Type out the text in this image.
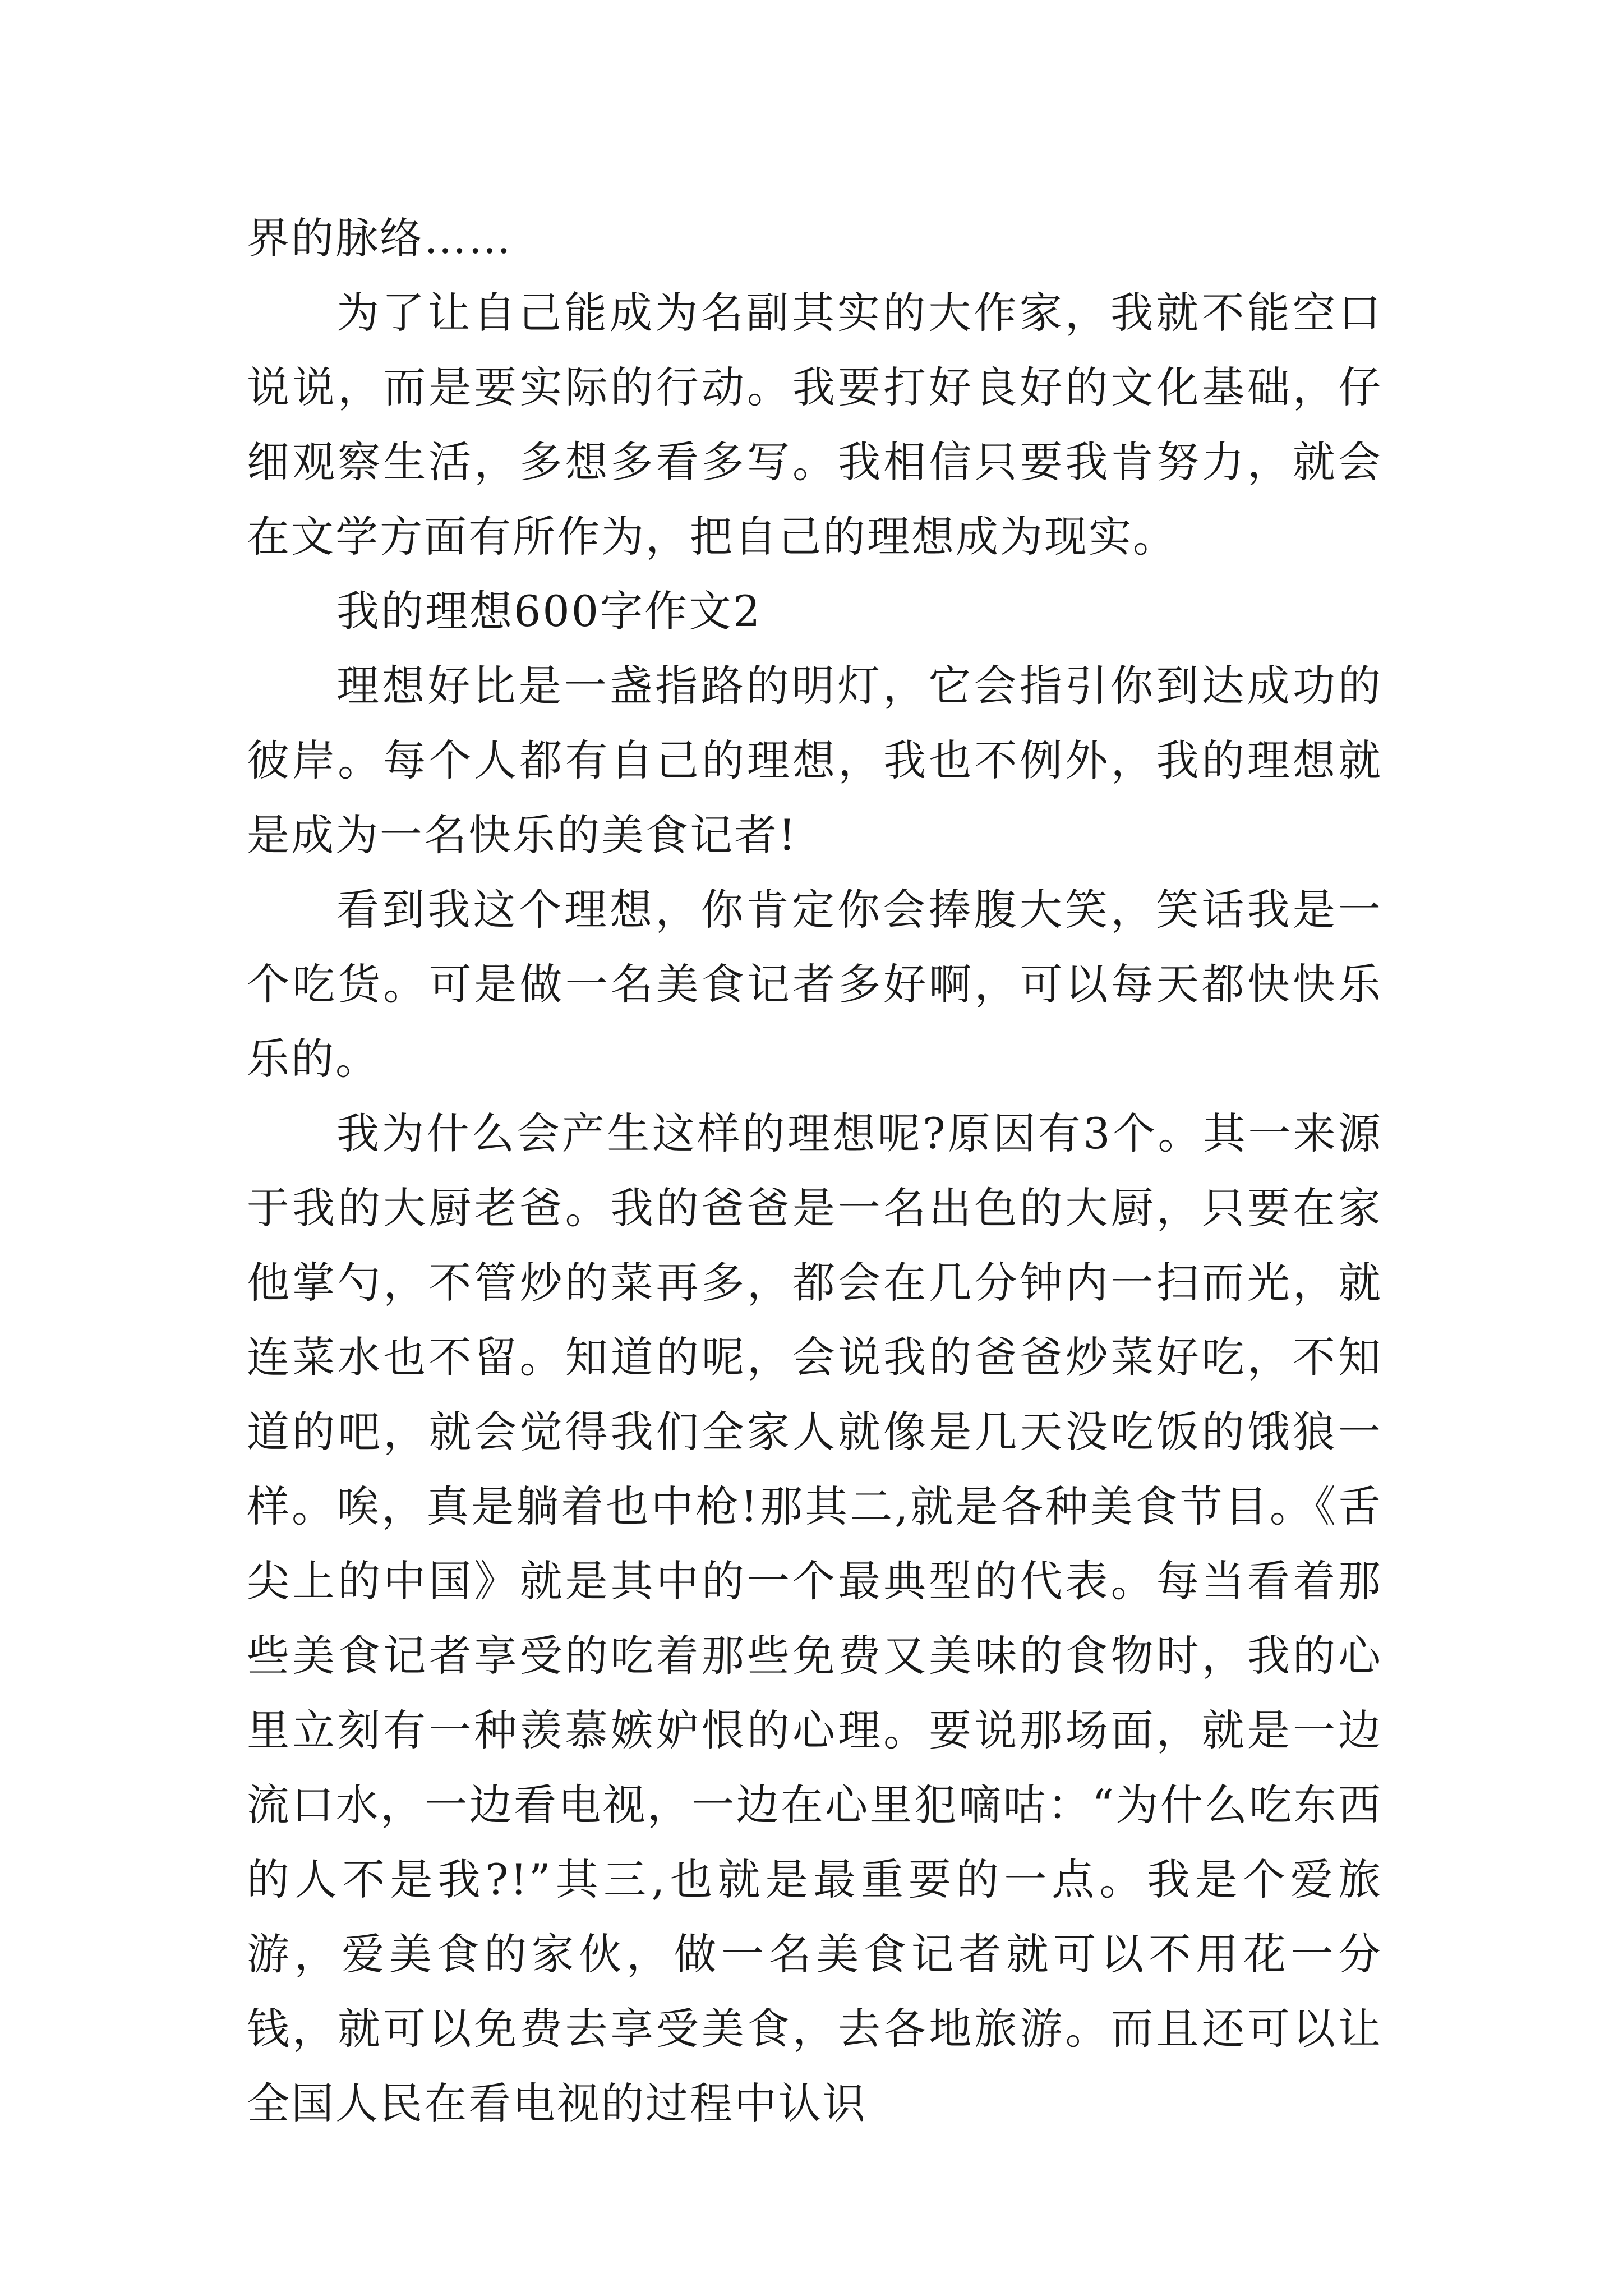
界的脉络……

为了让自己能成为名副其实的大作家，我就不能空口说说，而是要实际的行动。我要打好良好的文化基础，仔细观察生活，多想多看多写。我相信只要我肯努力，就会在文学方面有所作为，把自己的理想成为现实。

我的理想600字作文2

理想好比是一盏指路的明灯，它会指引你到达成功的彼岸。每个人都有自己的理想，我也不例外，我的理想就是成为一名快乐的美食记者!

看到我这个理想，你肯定你会捧腹大笑，笑话我是一个吃货。可是做一名美食记者多好啊，可以每天都快快乐乐的。

我为什么会产生这样的理想呢?原因有3个。其一来源于我的大厨老爸。我的爸爸是一名出色的大厨，只要在家他掌勺，不管炒的菜再多，都会在几分钟内一扫而光，就连菜水也不留。知道的呢，会说我的爸爸炒菜好吃，不知道的吧，就会觉得我们全家人就像是几天没吃饭的饿狼一样。唉，真是躺着也中枪!那其二,就是各种美食节目。《舌尖上的中国》就是其中的一个最典型的代表。每当看着那些美食记者享受的吃着那些免费又美味的食物时，我的心里立刻有一种羡慕嫉妒恨的心理。要说那场面，就是一边流口水，一边看电视，一边在心里犯嘀咕：“为什么吃东西的人不是我?!”其三,也就是最重要的一点。我是个爱旅游，爱美食的家伙，做一名美食记者就可以不用花一分钱，就可以免费去享受美食，去各地旅游。而且还可以让全国人民在看电视的过程中认识
